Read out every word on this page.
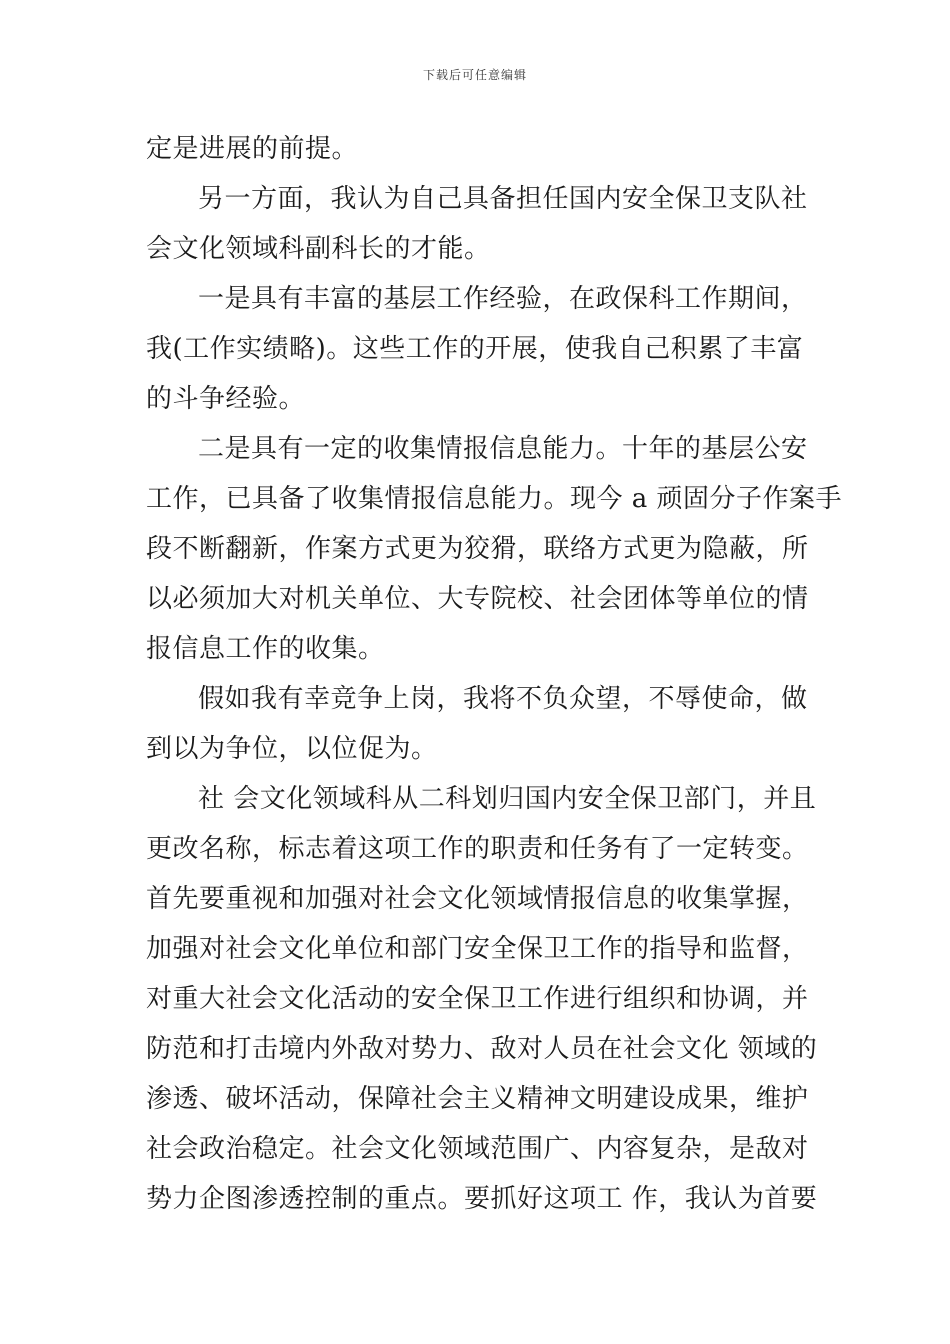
下载后可任意编辑
定是进展的前提。
另一方面，我认为自己具备担任国内安全保卫支队社
会文化领域科副科长的才能。
一是具有丰富的基层工作经验，在政保科工作期间，
我(工作实绩略)。这些工作的开展，使我自己积累了丰富
的斗争经验。
二是具有一定的收集情报信息能力。十年的基层公安
工作，已具备了收集情报信息能力。现今 a 顽固分子作案手
段不断翻新，作案方式更为狡猾，联络方式更为隐蔽，所
以必须加大对机关单位、大专院校、社会团体等单位的情
报信息工作的收集。
假如我有幸竞争上岗，我将不负众望，不辱使命，做
到以为争位，以位促为。
社 会文化领域科从二科划归国内安全保卫部门，并且
更改名称，标志着这项工作的职责和任务有了一定转变。
首先要重视和加强对社会文化领域情报信息的收集掌握，
加强对社会文化单位和部门安全保卫工作的指导和监督，
对重大社会文化活动的安全保卫工作进行组织和协调，并
防范和打击境内外敌对势力、敌对人员在社会文化 领域的
渗透、破坏活动，保障社会主义精神文明建设成果，维护
社会政治稳定。社会文化领域范围广、内容复杂，是敌对
势力企图渗透控制的重点。要抓好这项工 作，我认为首要
